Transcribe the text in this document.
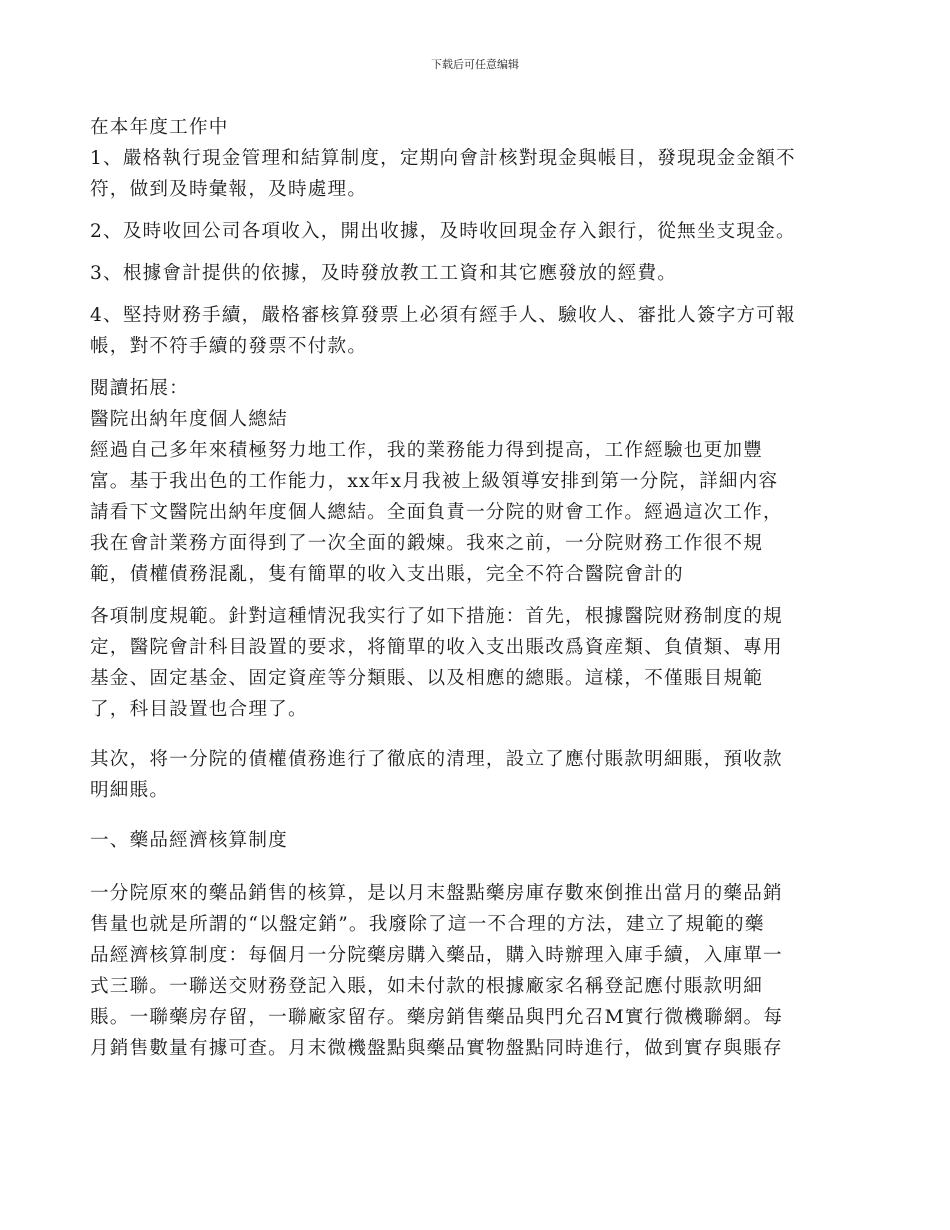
下载后可任意编辑
在本年度工作中
1、嚴格執行現金管理和結算制度，定期向會計核對現金與帳目，發現現金金額不
符，做到及時彙報，及時處理。
2、及時收回公司各項收入，開出收據，及時收回現金存入銀行，從無坐支現金。
3、根據會計提供的依據，及時發放教工工資和其它應發放的經費。
4、堅持财務手續，嚴格審核算發票上必須有經手人、驗收人、審批人簽字方可報
帳，對不符手續的發票不付款。
閱讀拓展：
醫院出納年度個人總結
經過自己多年來積極努力地工作，我的業務能力得到提高，工作經驗也更加豐
富。基于我出色的工作能力，xx年x月我被上級領導安排到第一分院，詳細内容
請看下文醫院出納年度個人總結。全面負責一分院的财會工作。經過這次工作，
我在會計業務方面得到了一次全面的鍛煉。我來之前，一分院财務工作很不規
範，債權債務混亂，隻有簡單的收入支出賬，完全不符合醫院會計的
各項制度規範。針對這種情況我实行了如下措施：首先，根據醫院财務制度的規
定，醫院會計科目設置的要求，将簡單的收入支出賬改爲資産類、負債類、專用
基金、固定基金、固定資産等分類賬、以及相應的總賬。這樣，不僅賬目規範
了，科目設置也合理了。
其次，将一分院的債權債務進行了徹底的清理，設立了應付賬款明細賬，預收款
明細賬。
一、藥品經濟核算制度
一分院原來的藥品銷售的核算，是以月末盤點藥房庫存數來倒推出當月的藥品銷
售量也就是所謂的“以盤定銷”。我廢除了這一不合理的方法，建立了規範的藥
品經濟核算制度：每個月一分院藥房購入藥品，購入時辦理入庫手續，入庫單一
式三聯。一聯送交财務登記入賬，如未付款的根據廠家名稱登記應付賬款明細
賬。一聯藥房存留，一聯廠家留存。藥房銷售藥品與門允召M實行微機聯網。每
月銷售數量有據可查。月末微機盤點與藥品實物盤點同時進行，做到實存與賬存
